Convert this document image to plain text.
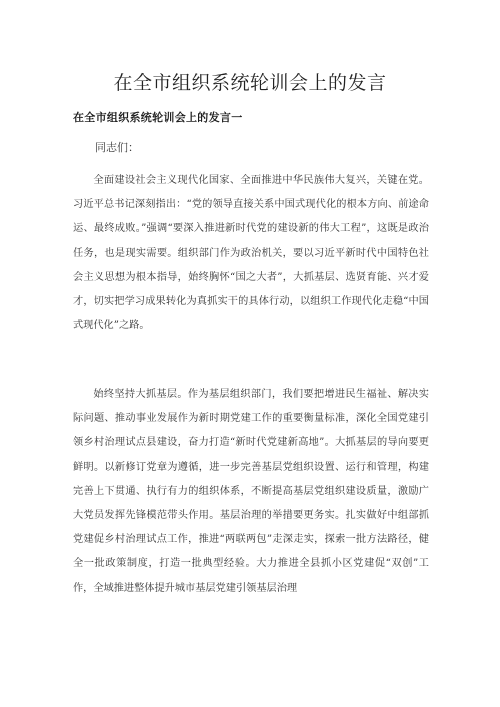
在全市组织系统轮训会上的发言
在全市组织系统轮训会上的发言一
同志们：

全面建设社会主义现代化国家、全面推进中华民族伟大复兴，关键在党。习近平总书记深刻指出：“党的领导直接关系中国式现代化的根本方向、前途命运、最终成败。”强调“要深入推进新时代党的建设新的伟大工程”，这既是政治任务，也是现实需要。组织部门作为政治机关，要以习近平新时代中国特色社会主义思想为根本指导，始终胸怀“国之大者”，大抓基层、选贤育能、兴才爱才，切实把学习成果转化为真抓实干的具体行动，以组织工作现代化走稳“中国式现代化”之路。

始终坚持大抓基层。作为基层组织部门，我们要把增进民生福祉、解决实际问题、推动事业发展作为新时期党建工作的重要衡量标准，深化全国党建引领乡村治理试点县建设，奋力打造“新时代党建新高地”。大抓基层的导向要更鲜明。以新修订党章为遵循，进一步完善基层党组织设置、运行和管理，构建完善上下贯通、执行有力的组织体系，不断提高基层党组织建设质量，激励广大党员发挥先锋模范带头作用。基层治理的举措要更务实。扎实做好中组部抓党建促乡村治理试点工作，推进“两联两包”走深走实，探索一批方法路径，健全一批政策制度，打造一批典型经验。大力推进全县抓小区党建促“双创”工作，全域推进整体提升城市基层党建引领基层治理
